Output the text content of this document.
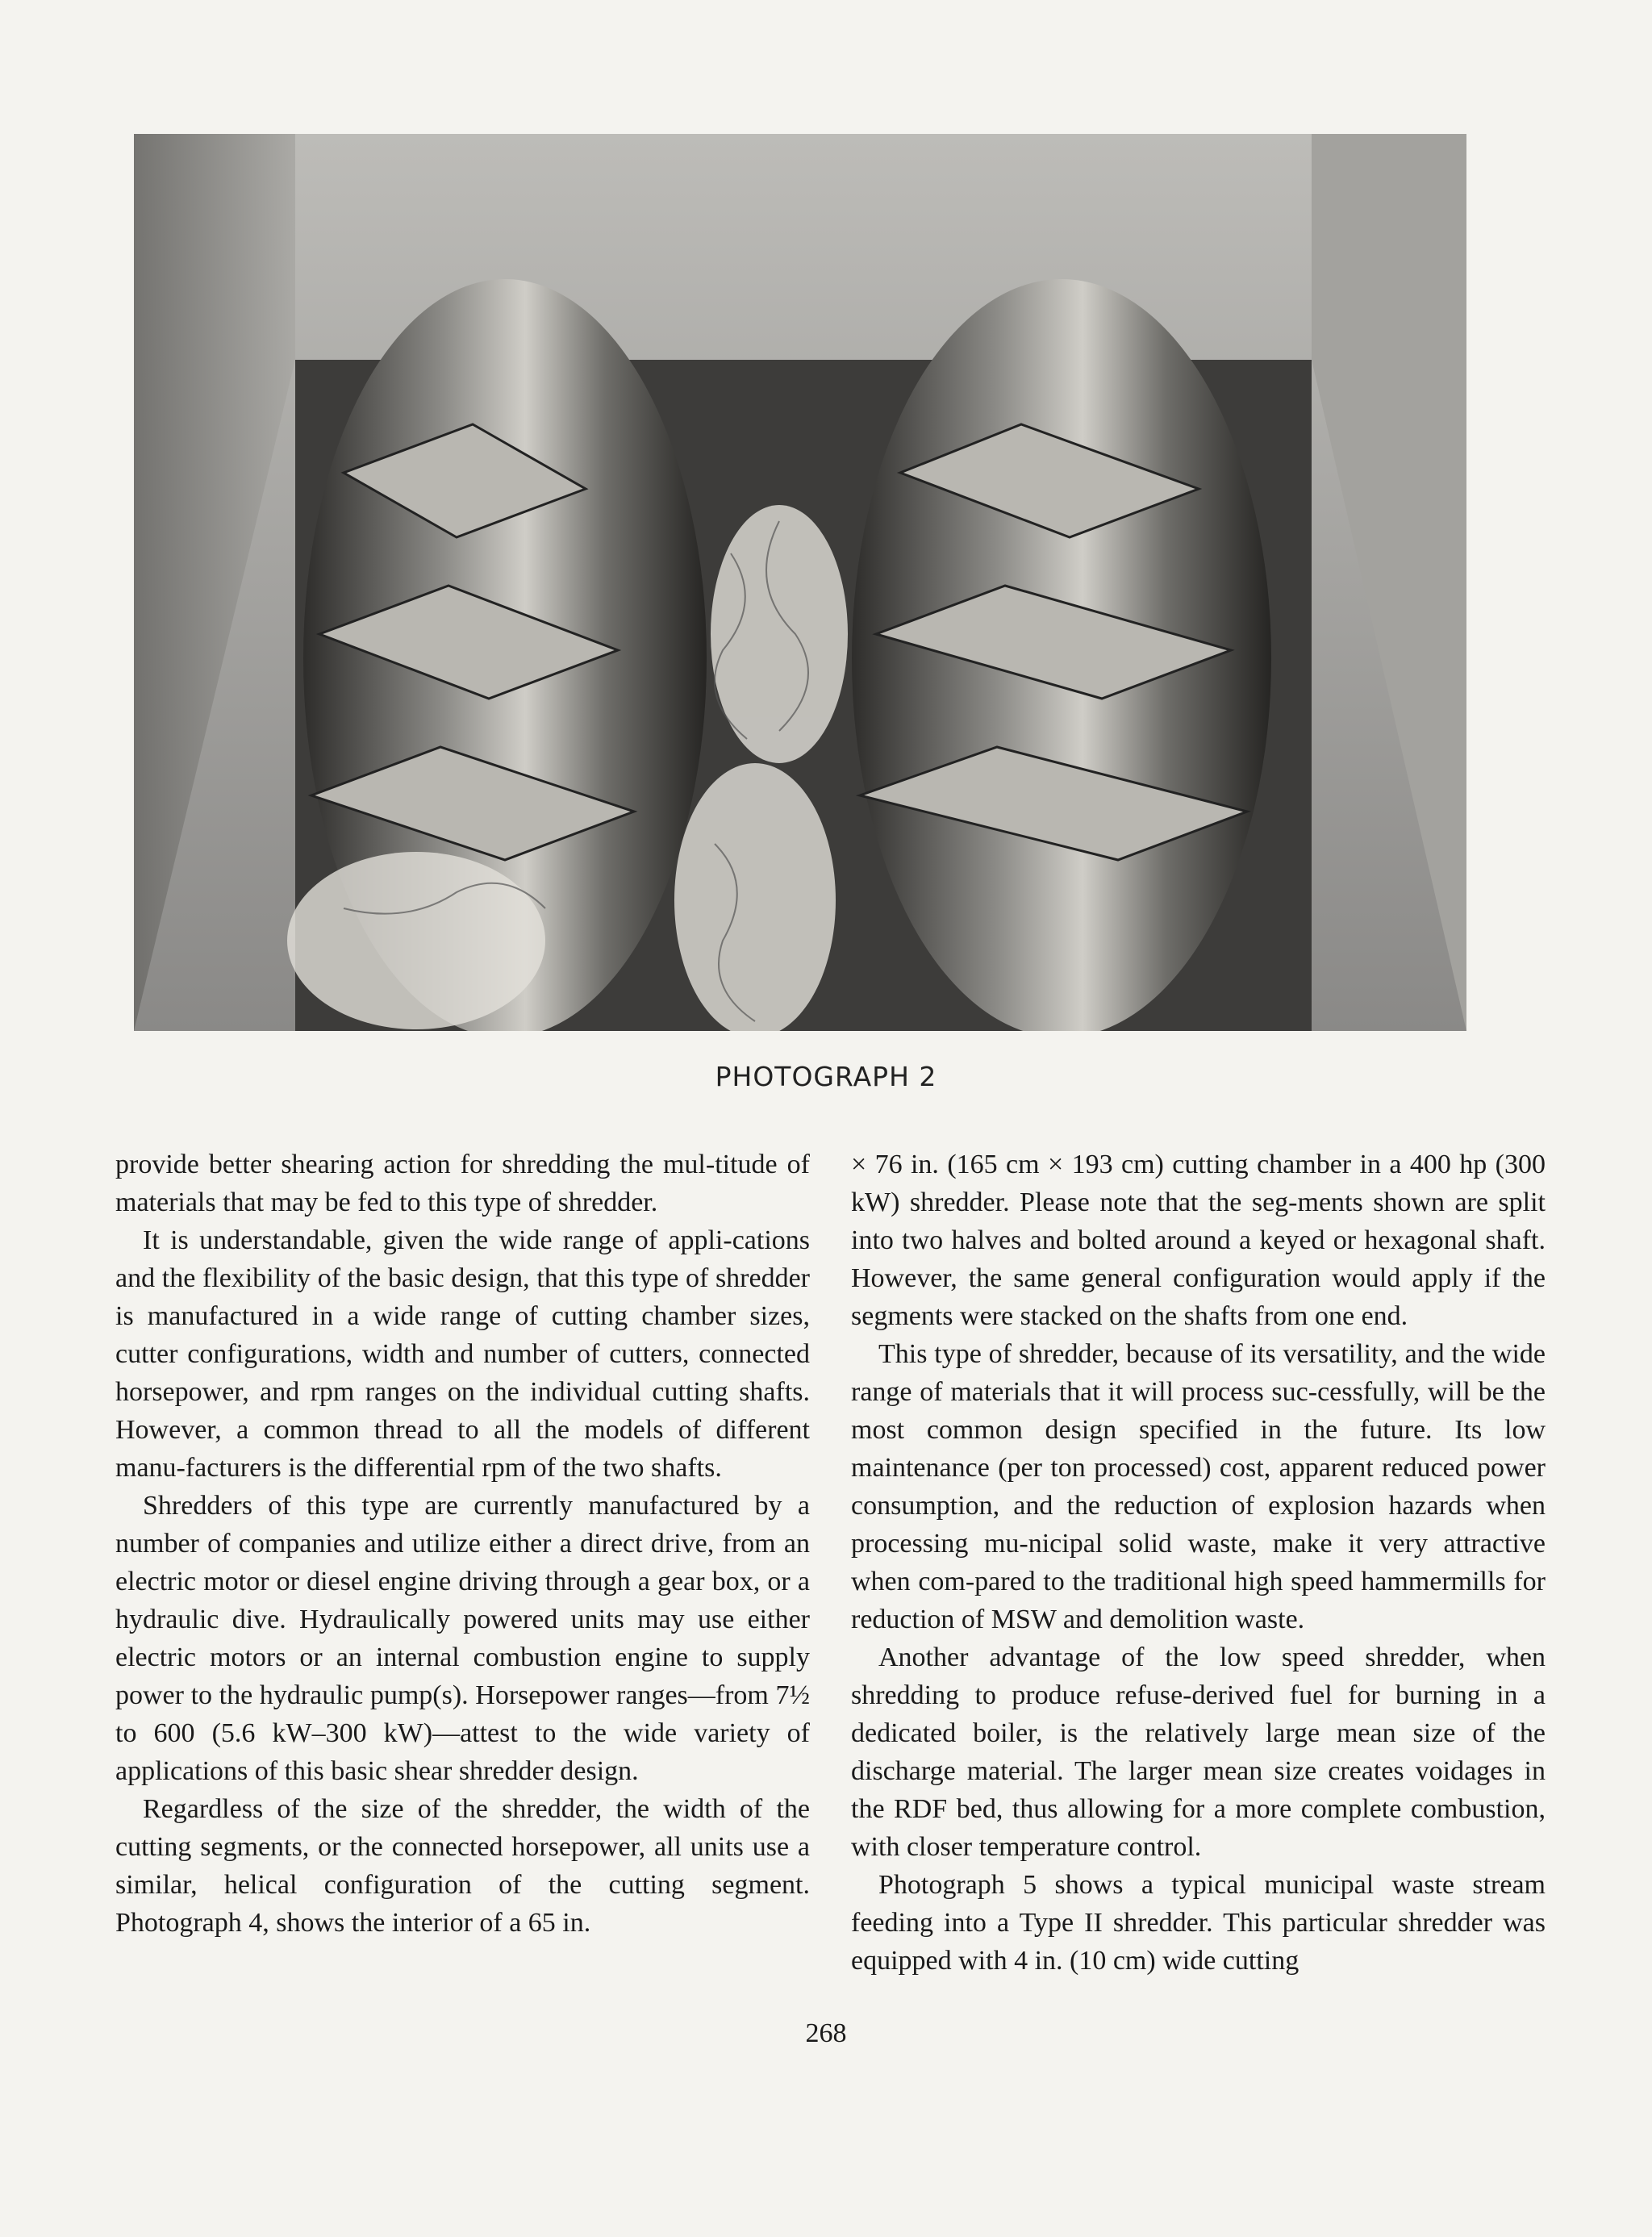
PHOTOGRAPH 2

provide better shearing action for shredding the mul-titude of materials that may be fed to this type of shredder.

It is understandable, given the wide range of appli-cations and the flexibility of the basic design, that this type of shredder is manufactured in a wide range of cutting chamber sizes, cutter configurations, width and number of cutters, connected horsepower, and rpm ranges on the individual cutting shafts. However, a common thread to all the models of different manu-facturers is the differential rpm of the two shafts.

Shredders of this type are currently manufactured by a number of companies and utilize either a direct drive, from an electric motor or diesel engine driving through a gear box, or a hydraulic dive. Hydraulically powered units may use either electric motors or an internal combustion engine to supply power to the hydraulic pump(s). Horsepower ranges—from 7½ to 600 (5.6 kW–300 kW)—attest to the wide variety of applications of this basic shear shredder design.

Regardless of the size of the shredder, the width of the cutting segments, or the connected horsepower, all units use a similar, helical configuration of the cutting segment. Photograph 4, shows the interior of a 65 in.

× 76 in. (165 cm × 193 cm) cutting chamber in a 400 hp (300 kW) shredder. Please note that the seg-ments shown are split into two halves and bolted around a keyed or hexagonal shaft. However, the same general configuration would apply if the segments were stacked on the shafts from one end.

This type of shredder, because of its versatility, and the wide range of materials that it will process suc-cessfully, will be the most common design specified in the future. Its low maintenance (per ton processed) cost, apparent reduced power consumption, and the reduction of explosion hazards when processing mu-nicipal solid waste, make it very attractive when com-pared to the traditional high speed hammermills for reduction of MSW and demolition waste.

Another advantage of the low speed shredder, when shredding to produce refuse-derived fuel for burning in a dedicated boiler, is the relatively large mean size of the discharge material. The larger mean size creates voidages in the RDF bed, thus allowing for a more complete combustion, with closer temperature control.

Photograph 5 shows a typical municipal waste stream feeding into a Type II shredder. This particular shredder was equipped with 4 in. (10 cm) wide cutting

268
